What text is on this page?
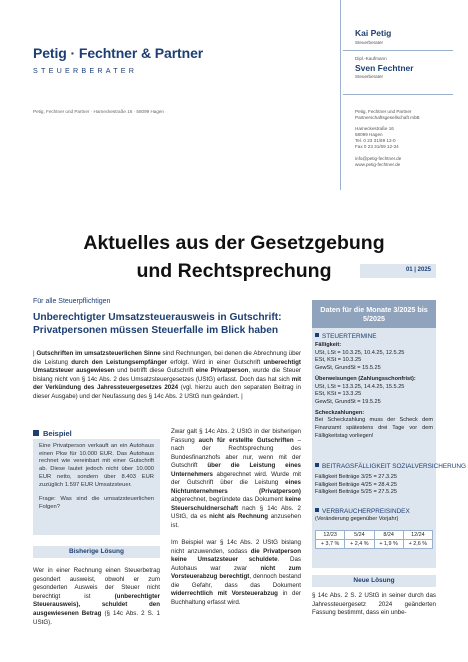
Petig · Fechtner & Partner
STEUERBERATER
Petig, Fechtner und Partner · Hameckestraße 16 · 58099 Hagen
Kai Petig
Steuerberater
Dipl.-Kaufmann
Sven Fechtner
Steuerberater
Petig, Fechtner und Partner
Partnerschaftsgesellschaft mbB
Hameckestraße 16
58099 Hagen
Tel. 0 23 31/69 12-0
Fax 0 23 31/69 12-34
info@petig-fechtner.de
www.petig-fechtner.de
Aktuelles aus der Gesetzgebung
und Rechtsprechung	01 | 2025
Für alle Steuerpflichtigen
Unberechtigter Umsatzsteuerausweis in Gutschrift: Privatpersonen müssen Steuerfalle im Blick haben
| Gutschriften im umsatzsteuerlichen Sinne sind Rechnungen, bei denen die Abrechnung über die Leistung durch den Leistungsempfänger erfolgt. Wird in einer Gutschrift unberechtigt Umsatzsteuer ausgewiesen und betrifft diese Gutschrift eine Privatperson, wurde die Steuer bislang nicht von § 14c Abs. 2 des Umsatzsteuergesetzes (UStG) erfasst. Doch das hat sich mit der Verkündung des Jahressteuergesetzes 2024 (vgl. hierzu auch den separaten Beitrag in dieser Ausgabe) und der Neufassung des § 14c Abs. 2 UStG nun geändert. |
Beispiel
Eine Privatperson verkauft an ein Autohaus einen Pkw für 10.000 EUR. Das Autohaus rechnet wie vereinbart mit einer Gutschrift ab. Diese lautet jedoch nicht über 10.000 EUR netto, sondern über 8.403 EUR zuzüglich 1.597 EUR Umsatzsteuer.
Frage: Was sind die umsatzsteuerlichen Folgen?
Zwar galt § 14c Abs. 2 UStG in der bisherigen Fassung auch für erstellte Gutschriften – nach der Rechtsprechung des Bundesfinanzhofs aber nur, wenn mit der Gutschrift über die Leistung eines Unternehmers abgerechnet wird. Wurde mit der Gutschrift über die Leistung eines Nichtunternehmers (Privatperson) abgerechnet, begründete das Dokument keine Steuerschuldnerschaft nach § 14c Abs. 2 UStG, da es nicht als Rechnung anzusehen ist.
Im Beispiel war § 14c Abs. 2 UStG bislang nicht anzuwenden, sodass die Privatperson keine Umsatzsteuer schuldete. Das Autohaus war zwar nicht zum Vorsteuerabzug berechtigt, dennoch bestand die Gefahr, dass das Dokument widerrechtlich mit Vorsteuerabzug in der Buchhaltung erfasst wird.
Bisherige Lösung
Wer in einer Rechnung einen Steuerbetrag gesondert ausweist, obwohl er zum gesonderten Ausweis der Steuer nicht berechtigt ist (unberechtigter Steuerausweis), schuldet den ausgewiesenen Betrag (§ 14c Abs. 2 S. 1 UStG).
Daten für die Monate 3/2025 bis 5/2025
STEUERTERMINE
Fälligkeit:
USt, LSt = 10.3.25, 10.4.25, 12.5.25
ESt, KSt = 10.3.25
GewSt, GrundSt = 15.5.25
Überweisungen (Zahlungsschonfrist):
USt, LSt = 13.3.25, 14.4.25, 15.5.25
ESt, KSt = 13.3.25
GewSt, GrundSt = 19.5.25
Scheckzahlungen:
Bei Scheckzahlung muss der Scheck dem Finanzamt spätestens drei Tage vor dem Fälligkeitstag vorliegen!
BEITRAGSFÄLLIGKEIT SOZIALVERSICHERUNG
Fälligkeit Beiträge 3/25 = 27.3.25
Fälligkeit Beiträge 4/25 = 28.4.25
Fälligkeit Beiträge 5/25 = 27.5.25
VERBRAUCHERPREISINDEX
(Veränderung gegenüber Vorjahr)
12/23	5/24	8/24	12/24
+ 3,7 %	+ 2,4 %	+ 1,9 %	+ 2,6 %
Neue Lösung
§ 14c Abs. 2 S. 2 UStG in seiner durch das Jahressteuergesetz 2024 geänderten Fassung bestimmt, dass ein unbe-
